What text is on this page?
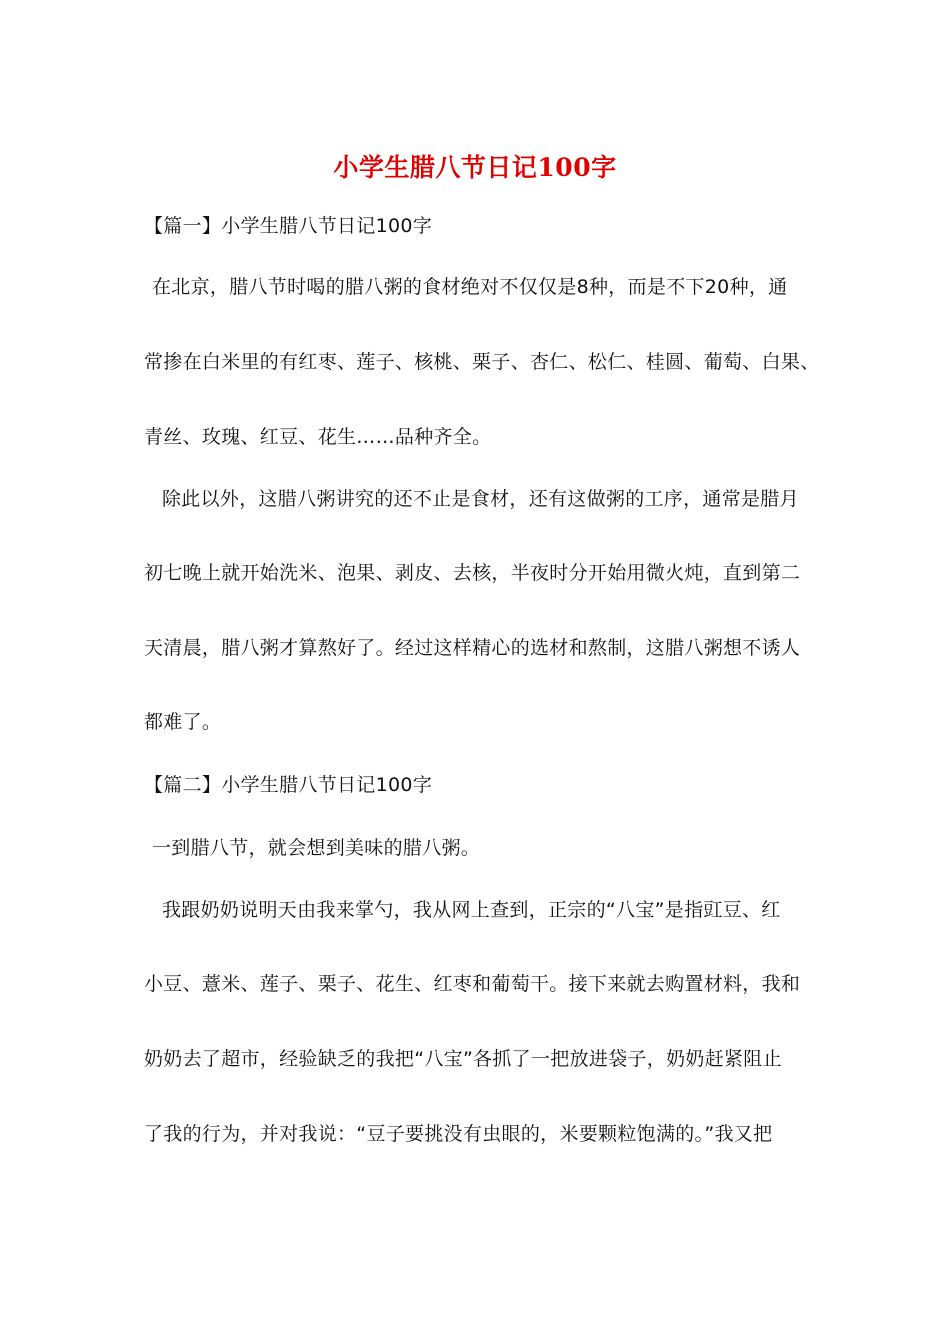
小学生腊八节日记100字
【篇一】小学生腊八节日记100字
在北京，腊八节时喝的腊八粥的食材绝对不仅仅是8种，而是不下20种，通
常掺在白米里的有红枣、莲子、核桃、栗子、杏仁、松仁、桂圆、葡萄、白果、
青丝、玫瑰、红豆、花生……品种齐全。
除此以外，这腊八粥讲究的还不止是食材，还有这做粥的工序，通常是腊月
初七晚上就开始洗米、泡果、剥皮、去核，半夜时分开始用微火炖，直到第二
天清晨，腊八粥才算熬好了。经过这样精心的选材和熬制，这腊八粥想不诱人
都难了。
【篇二】小学生腊八节日记100字
一到腊八节，就会想到美味的腊八粥。
我跟奶奶说明天由我来掌勺，我从网上查到，正宗的“八宝”是指豇豆、红
小豆、薏米、莲子、栗子、花生、红枣和葡萄干。接下来就去购置材料，我和
奶奶去了超市，经验缺乏的我把“八宝”各抓了一把放进袋子，奶奶赶紧阻止
了我的行为，并对我说：“豆子要挑没有虫眼的，米要颗粒饱满的。”我又把
